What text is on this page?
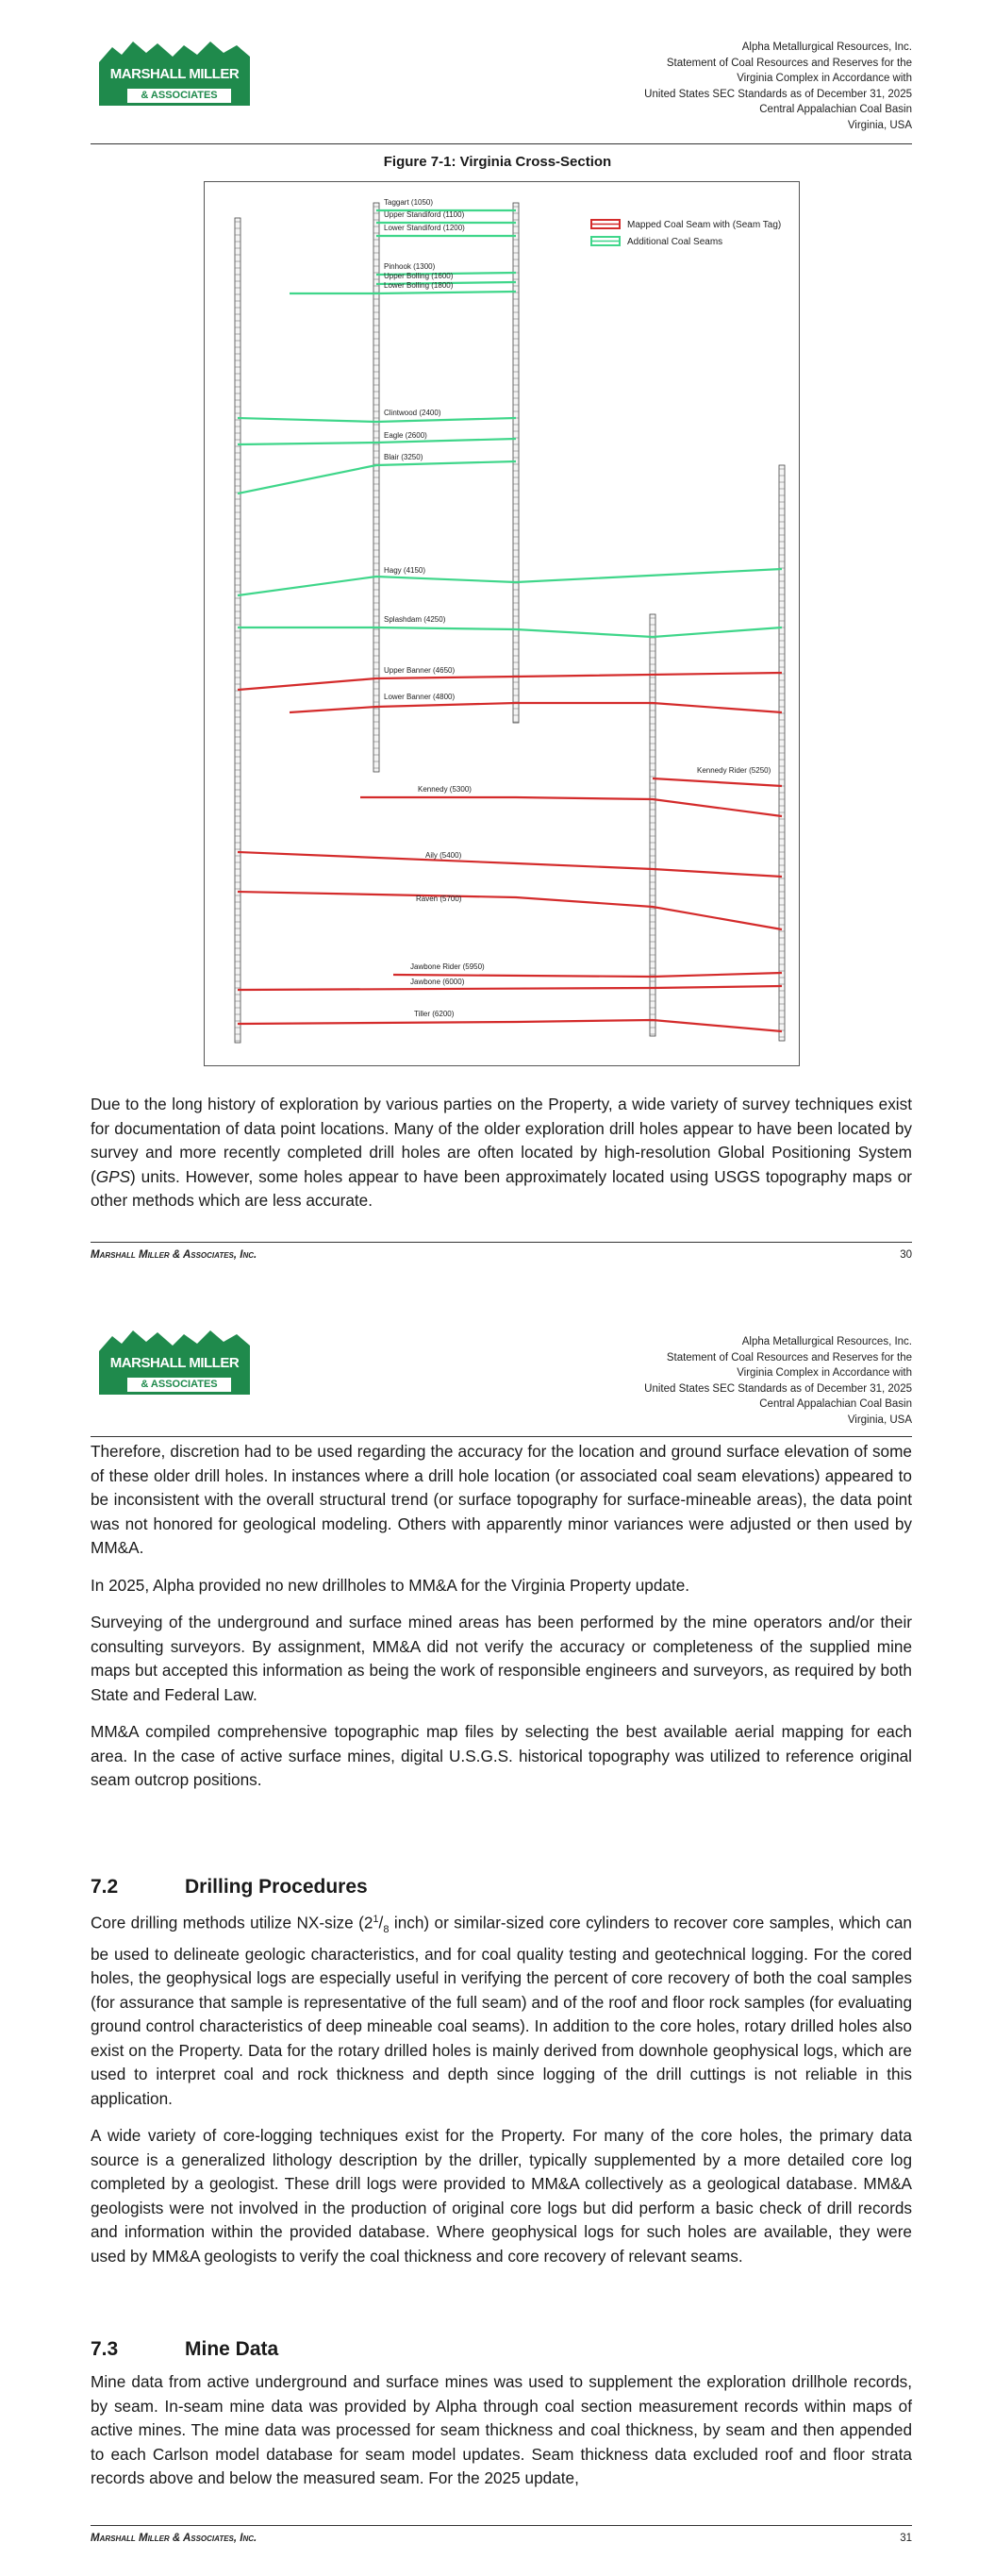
MARSHALL MILLER
& ASSOCIATES
Alpha Metallurgical Resources, Inc.
Statement of Coal Resources and Reserves for the
Virginia Complex in Accordance with
United States SEC Standards as of December 31, 2025
Central Appalachian Coal Basin
Virginia, USA
Figure 7-1: Virginia Cross-Section
Taggart (1050)
Upper Standiford (1100)
Lower Standiford (1200)
Pinhook (1300)
Upper Bolling (1600)
Lower Bolling (1800)
Clintwood (2400)
Eagle (2600)
Blair (3250)
Hagy (4150)
Splashdam (4250)
Upper Banner (4650)
Lower Banner (4800)
Kennedy Rider (5250)
Kennedy (5300)
Aily (5400)
Raven (5700)
Jawbone Rider (5950)
Jawbone (6000)
Tiller (6200)
Mapped Coal Seam with (Seam Tag)
Additional Coal Seams

Due to the long history of exploration by various parties on the Property, a wide variety of survey techniques exist for documentation of data point locations. Many of the older exploration drill holes appear to have been located by survey and more recently completed drill holes are often located by high-resolution Global Positioning System (GPS) units. However, some holes appear to have been approximately located using USGS topography maps or other methods which are less accurate.

Marshall Miller & Associates, Inc.	30
MARSHALL MILLER
& ASSOCIATES
Alpha Metallurgical Resources, Inc.
Statement of Coal Resources and Reserves for the
Virginia Complex in Accordance with
United States SEC Standards as of December 31, 2025
Central Appalachian Coal Basin
Virginia, USA

Therefore, discretion had to be used regarding the accuracy for the location and ground surface elevation of some of these older drill holes. In instances where a drill hole location (or associated coal seam elevations) appeared to be inconsistent with the overall structural trend (or surface topography for surface-mineable areas), the data point was not honored for geological modeling. Others with apparently minor variances were adjusted or then used by MM&A.

In 2025, Alpha provided no new drillholes to MM&A for the Virginia Property update.

Surveying of the underground and surface mined areas has been performed by the mine operators and/or their consulting surveyors. By assignment, MM&A did not verify the accuracy or completeness of the supplied mine maps but accepted this information as being the work of responsible engineers and surveyors, as required by both State and Federal Law.

MM&A compiled comprehensive topographic map files by selecting the best available aerial mapping for each area. In the case of active surface mines, digital U.S.G.S. historical topography was utilized to reference original seam outcrop positions.

7.2	Drilling Procedures

Core drilling methods utilize NX-size ($2^1/_8$ inch) or similar-sized core cylinders to recover core samples, which can be used to delineate geologic characteristics, and for coal quality testing and geotechnical logging. For the cored holes, the geophysical logs are especially useful in verifying the percent of core recovery of both the coal samples (for assurance that sample is representative of the full seam) and of the roof and floor rock samples (for evaluating ground control characteristics of deep mineable coal seams). In addition to the core holes, rotary drilled holes also exist on the Property. Data for the rotary drilled holes is mainly derived from downhole geophysical logs, which are used to interpret coal and rock thickness and depth since logging of the drill cuttings is not reliable in this application.

A wide variety of core-logging techniques exist for the Property. For many of the core holes, the primary data source is a generalized lithology description by the driller, typically supplemented by a more detailed core log completed by a geologist. These drill logs were provided to MM&A collectively as a geological database. MM&A geologists were not involved in the production of original core logs but did perform a basic check of drill records and information within the provided database. Where geophysical logs for such holes are available, they were used by MM&A geologists to verify the coal thickness and core recovery of relevant seams.

7.3	Mine Data

Mine data from active underground and surface mines was used to supplement the exploration drillhole records, by seam. In-seam mine data was provided by Alpha through coal section measurement records within maps of active mines. The mine data was processed for seam thickness and coal thickness, by seam and then appended to each Carlson model database for seam model updates. Seam thickness data excluded roof and floor strata records above and below the measured seam. For the 2025 update,

Marshall Miller & Associates, Inc.	31
